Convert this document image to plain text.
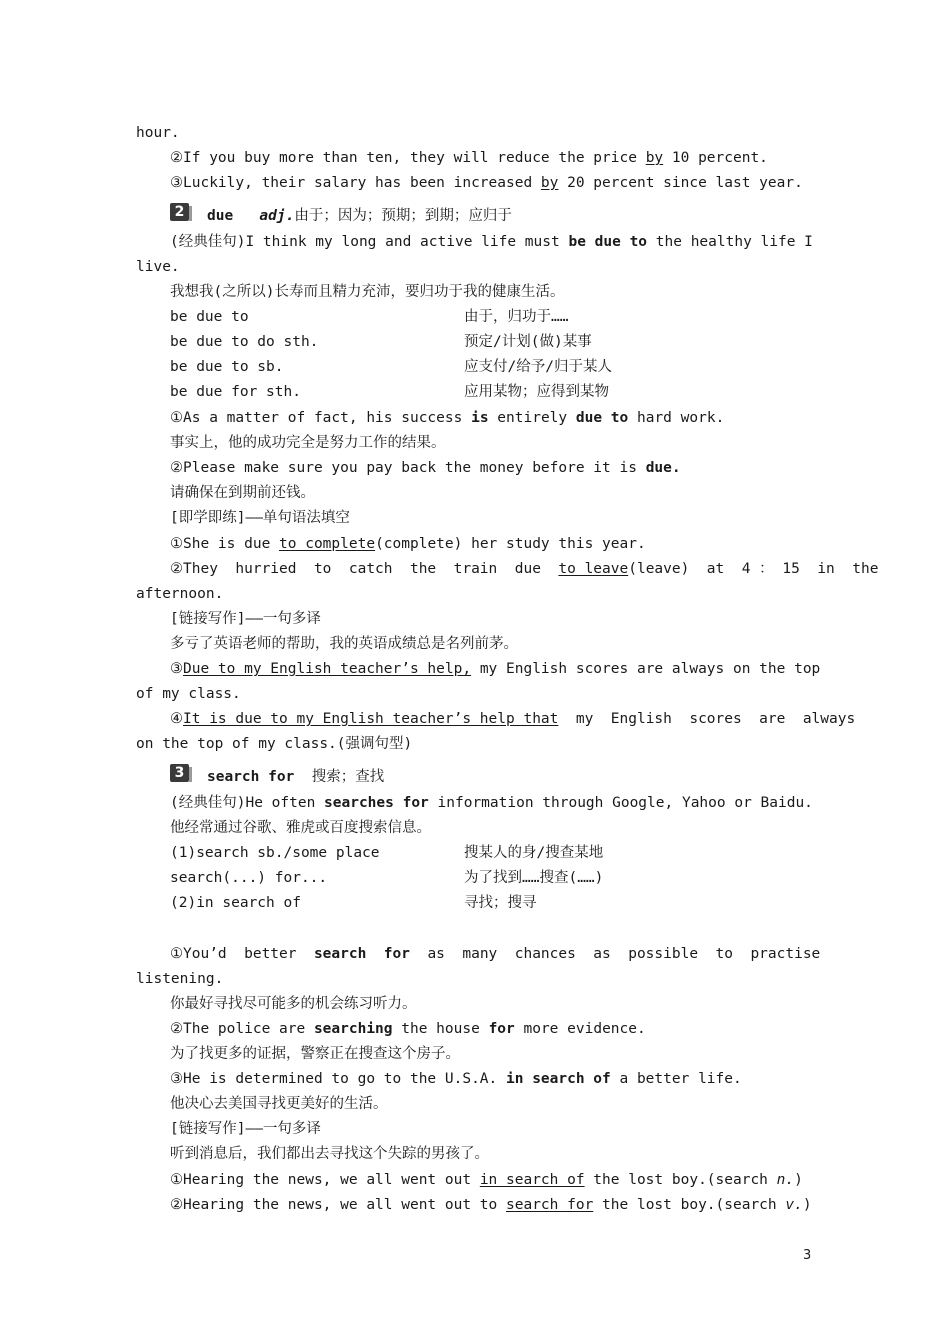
hour.
②If you buy more than ten, they will reduce the price by 10 percent.
③Luckily, their salary has been increased by 20 percent since last year.
2	due adj.由于；因为；预期；到期；应归于
(经典佳句)I think my long and active life must be due to the healthy life I
live.
我想我(之所以)长寿而且精力充沛，要归功于我的健康生活。
be due to	由于，归功于……
be due to do sth.	预定/计划(做)某事
be due to sb.	应支付/给予/归于某人
be due for sth.	应用某物；应得到某物
①As a matter of fact, his success is entirely due to hard work.
事实上，他的成功完全是努力工作的结果。
②Please make sure you pay back the money before it is due.
请确保在到期前还钱。
[即学即练]——单句语法填空
①She is due to complete(complete) her study this year.
②They  hurried  to  catch  the  train  due  to leave(leave)  at  4 ： 15  in  the
afternoon.
[链接写作]——一句多译
多亏了英语老师的帮助，我的英语成绩总是名列前茅。
③Due to my English teacher’s help, my English scores are always on the top
of my class.
④It is due to my English teacher’s help that  my  English  scores  are  always
on the top of my class.(强调句型)
3	search for 搜索；查找
(经典佳句)He often searches for information through Google, Yahoo or Baidu.
他经常通过谷歌、雅虎或百度搜索信息。
(1)search sb./some place	搜某人的身/搜查某地
search(...) for...	为了找到……搜查(……)
(2)in search of	寻找；搜寻
①You’d  better  search  for  as  many  chances  as  possible  to  practise
listening.
你最好寻找尽可能多的机会练习听力。
②The police are searching the house for more evidence.
为了找更多的证据，警察正在搜查这个房子。
③He is determined to go to the U.S.A. in search of a better life.
他决心去美国寻找更美好的生活。
[链接写作]——一句多译
听到消息后，我们都出去寻找这个失踪的男孩了。
①Hearing the news, we all went out in search of the lost boy.(search n.)
②Hearing the news, we all went out to search for the lost boy.(search v.)
3
